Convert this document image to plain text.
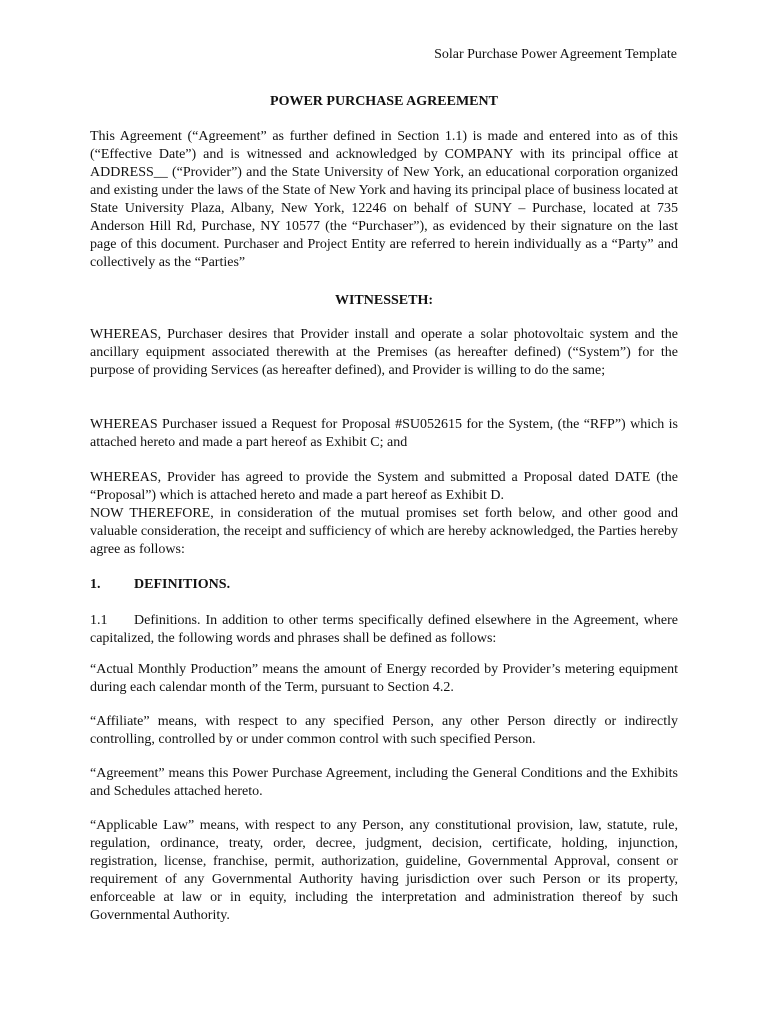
Solar Purchase Power Agreement Template
POWER PURCHASE AGREEMENT
This Agreement (“Agreement” as further defined in Section 1.1) is made and entered into as of this (“Effective Date”) and is witnessed and acknowledged by COMPANY with its principal office at ADDRESS__ (“Provider”) and the State University of New York, an educational corporation organized and existing under the laws of the State of New York and having its principal place of business located at State University Plaza, Albany, New York, 12246 on behalf of SUNY – Purchase, located at 735 Anderson Hill Rd, Purchase, NY 10577 (the “Purchaser”), as evidenced by their signature on the last page of this document. Purchaser and Project Entity are referred to herein individually as a “Party” and collectively as the “Parties”
WITNESSETH:
WHEREAS, Purchaser desires that Provider install and operate a solar photovoltaic system and the ancillary equipment associated therewith at the Premises (as hereafter defined) (“System”) for the purpose of providing Services (as hereafter defined), and Provider is willing to do the same;
WHEREAS Purchaser issued a Request for Proposal #SU052615 for the System, (the “RFP”) which is attached hereto and made a part hereof as Exhibit C; and
WHEREAS, Provider has agreed to provide the System and submitted a Proposal dated DATE (the “Proposal”) which is attached hereto and made a part hereof as Exhibit D.
NOW THEREFORE, in consideration of the mutual promises set forth below, and other good and valuable consideration, the receipt and sufficiency of which are hereby acknowledged, the Parties hereby agree as follows:
1. DEFINITIONS.
1.1 Definitions. In addition to other terms specifically defined elsewhere in the Agreement, where capitalized, the following words and phrases shall be defined as follows:
“Actual Monthly Production” means the amount of Energy recorded by Provider’s metering equipment during each calendar month of the Term, pursuant to Section 4.2.
“Affiliate” means, with respect to any specified Person, any other Person directly or indirectly controlling, controlled by or under common control with such specified Person.
“Agreement” means this Power Purchase Agreement, including the General Conditions and the Exhibits and Schedules attached hereto.
“Applicable Law” means, with respect to any Person, any constitutional provision, law, statute, rule, regulation, ordinance, treaty, order, decree, judgment, decision, certificate, holding, injunction, registration, license, franchise, permit, authorization, guideline, Governmental Approval, consent or requirement of any Governmental Authority having jurisdiction over such Person or its property, enforceable at law or in equity, including the interpretation and administration thereof by such Governmental Authority.
